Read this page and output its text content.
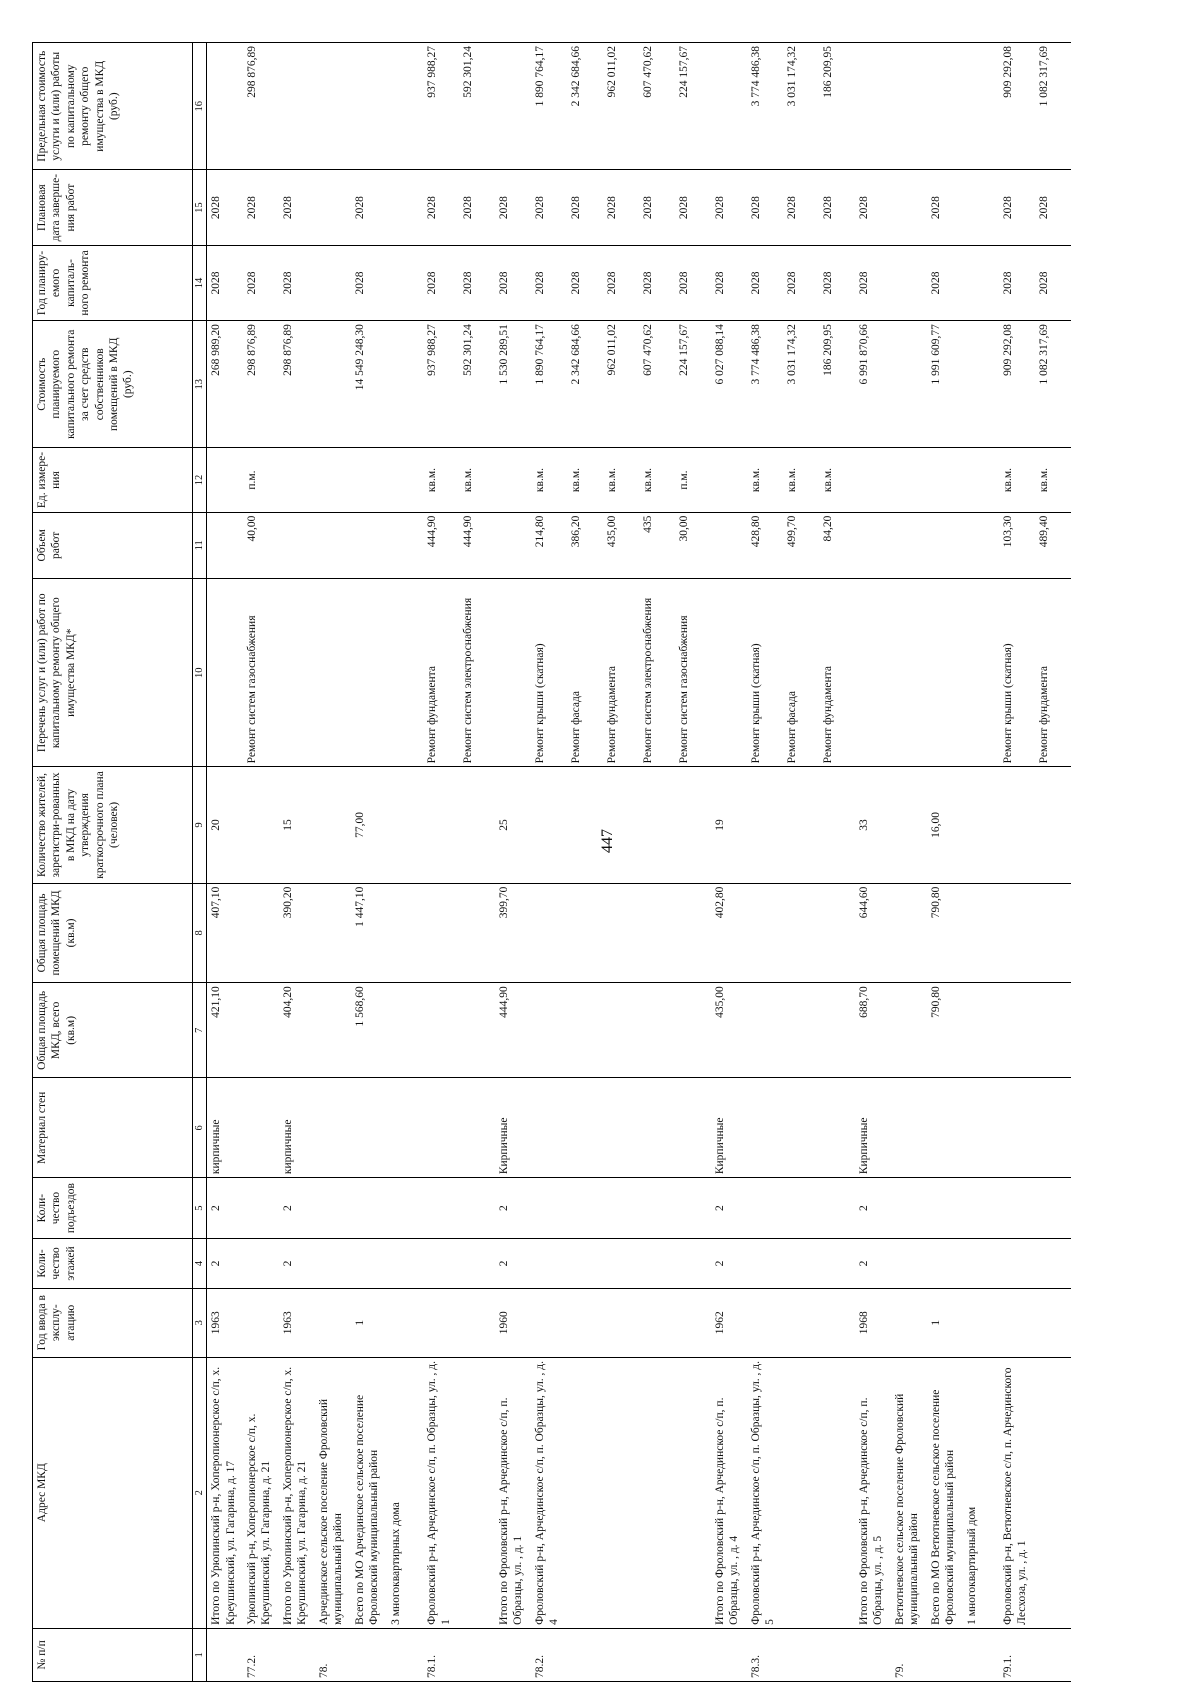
447
№ п/п	Адрес МКД	Год ввода в эксплу-атацию	Коли-чество этажей	Коли-чество подъездов	Материал стен	Общая площадь МКД, всего (кв.м)	Общая площадь помещений МКД (кв.м)	Количество жителей, зарегистри-рованных в МКД на дату утверждения краткосрочного плана (человек)	Перечень услуг и (или) работ по капитальному ремонту общего имущества МКД*	Объем работ	Ед. измере-ния	Стоимость планируемого капитального ремонта за счет средств собственников помещений в МКД (руб.)	Год планиру-емого капиталь-ного ремонта	Плановая дата заверше-ния работ	Предельная стоимость услуги и (или) работы по капитальному ремонту общего имущества в МКД (руб.)
1	2	3	4	5	6	7	8	9	10	11	12	13	14	15	16
	Итого по Урюпинский р-н, Хоперопионерское с/п, х. Креушинский, ул. Гагарина, д. 17	1963	2	2	кирпичные	421,10	407,10	20				268 989,20	2028	2028	
77.2.	Урюпинский р-н, Хоперопионерское с/п, х. Креушинский, ул. Гагарина, д. 21								Ремонт систем газоснабжения	40,00	п.м.	298 876,89	2028	2028	298 876,89
	Итого по Урюпинский р-н, Хоперопионерское с/п, х. Креушинский, ул. Гагарина, д. 21	1963	2	2	кирпичные	404,20	390,20	15				298 876,89	2028	2028	
78.	Арчединское сельское поселение Фроловский муниципальный район														
	Всего по МО Арчединское сельское поселение Фроловский муниципальный район	1				1 568,60	1 447,10	77,00				14 549 248,30	2028	2028	
	3 многоквартирных дома														
78.1.	Фроловский р-н, Арчединское с/п, п. Образцы, ул. , д. 1								Ремонт фундамента	444,90	кв.м.	937 988,27	2028	2028	937 988,27
									Ремонт систем электроснабжения	444,90	кв.м.	592 301,24	2028	2028	592 301,24
	Итого по Фроловский р-н, Арчединское с/п, п. Образцы, ул. , д. 1	1960	2	2	Кирпичные	444,90	399,70	25				1 530 289,51	2028	2028	
78.2.	Фроловский р-н, Арчединское с/п, п. Образцы, ул. , д. 4								Ремонт крыши (скатная)	214,80	кв.м.	1 890 764,17	2028	2028	1 890 764,17
									Ремонт фасада	386,20	кв.м.	2 342 684,66	2028	2028	2 342 684,66
									Ремонт фундамента	435,00	кв.м.	962 011,02	2028	2028	962 011,02
									Ремонт систем электроснабжения	435	кв.м.	607 470,62	2028	2028	607 470,62
									Ремонт систем газоснабжения	30,00	п.м.	224 157,67	2028	2028	224 157,67
	Итого по Фроловский р-н, Арчединское с/п, п. Образцы, ул. , д. 4	1962	2	2	Кирпичные	435,00	402,80	19				6 027 088,14	2028	2028	
78.3.	Фроловский р-н, Арчединское с/п, п. Образцы, ул. , д. 5								Ремонт крыши (скатная)	428,80	кв.м.	3 774 486,38	2028	2028	3 774 486,38
									Ремонт фасада	499,70	кв.м.	3 031 174,32	2028	2028	3 031 174,32
									Ремонт фундамента	84,20	кв.м.	186 209,95	2028	2028	186 209,95
	Итого по Фроловский р-н, Арчединское с/п, п. Образцы, ул. , д. 5	1968	2	2	Кирпичные	688,70	644,60	33				6 991 870,66	2028	2028	
79.	Ветютневское сельское поселение Фроловский муниципальный район														
	Всего по МО Ветютневское сельское поселение Фроловский муниципальный район	1				790,80	790,80	16,00				1 991 609,77	2028	2028	
	1 многоквартирный дом														
79.1.	Фроловский р-н, Ветютневское с/п, п. Арчединского Лесхоза, ул. , д. 1								Ремонт крыши (скатная)	103,30	кв.м.	909 292,08	2028	2028	909 292,08
									Ремонт фундамента	489,40	кв.м.	1 082 317,69	2028	2028	1 082 317,69
